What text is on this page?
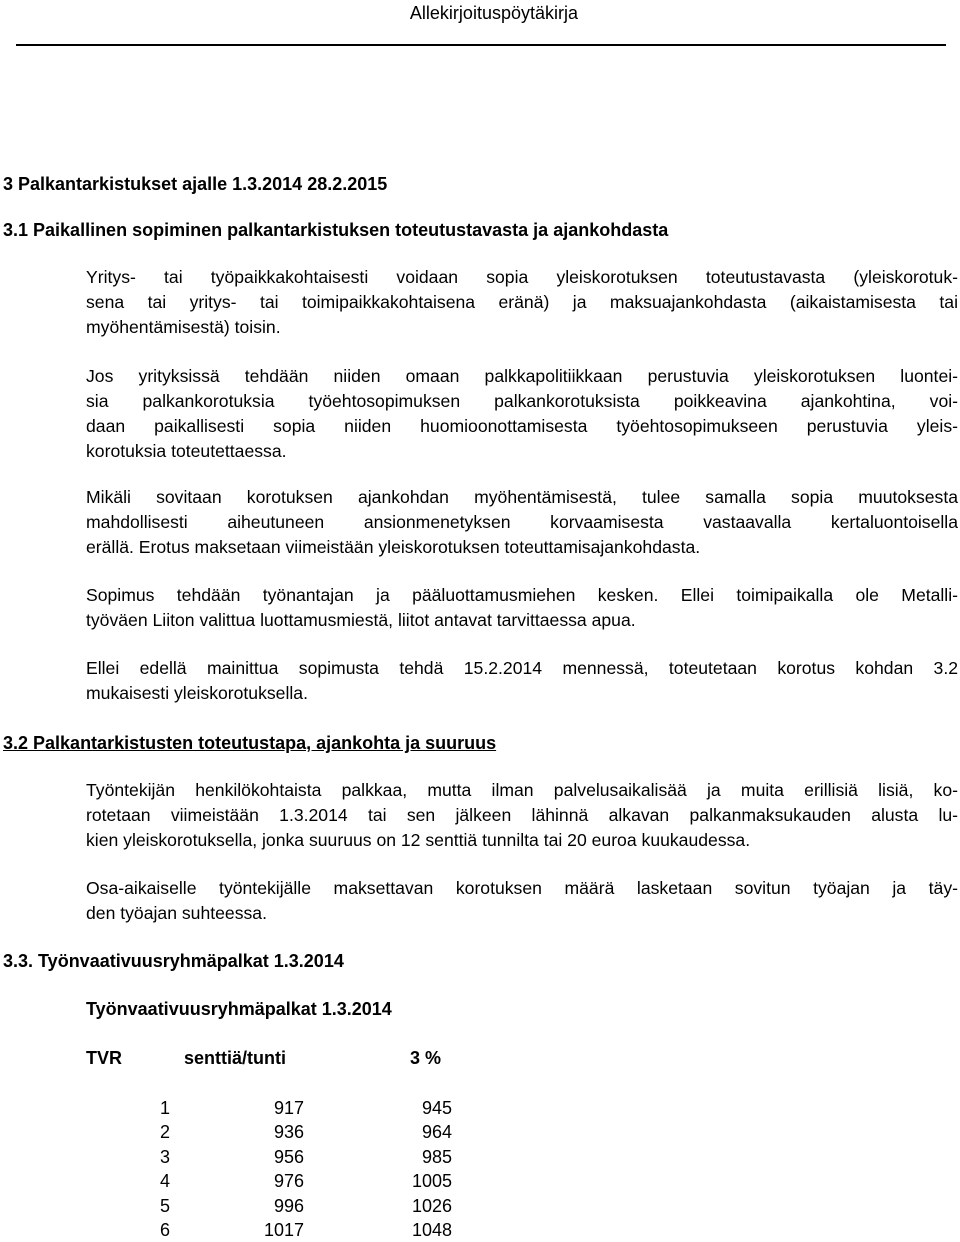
Allekirjoituspöytäkirja
3 Palkantarkistukset ajalle 1.3.2014 28.2.2015
3.1 Paikallinen sopiminen palkantarkistuksen toteutustavasta ja ajankohdasta
Yritys- tai työpaikkakohtaisesti voidaan sopia yleiskorotuksen toteutustavasta (yleiskorotuk-
sena tai yritys- tai toimipaikkakohtaisena eränä) ja maksuajankohdasta (aikaistamisesta tai
myöhentämisestä) toisin.
Jos yrityksissä tehdään niiden omaan palkkapolitiikkaan perustuvia yleiskorotuksen luontei-
sia palkankorotuksia työehtosopimuksen palkankorotuksista poikkeavina ajankohtina, voi-
daan paikallisesti sopia niiden huomioonottamisesta työehtosopimukseen perustuvia yleis-
korotuksia toteutettaessa.
Mikäli sovitaan korotuksen ajankohdan myöhentämisestä, tulee samalla sopia muutoksesta
mahdollisesti aiheutuneen ansionmenetyksen korvaamisesta vastaavalla kertaluontoisella
erällä. Erotus maksetaan viimeistään yleiskorotuksen toteuttamisajankohdasta.
Sopimus tehdään työnantajan ja pääluottamusmiehen kesken. Ellei toimipaikalla ole Metalli-
työväen Liiton valittua luottamusmiestä, liitot antavat tarvittaessa apua.
Ellei edellä mainittua sopimusta tehdä 15.2.2014 mennessä, toteutetaan korotus kohdan 3.2
mukaisesti yleiskorotuksella.
3.2 Palkantarkistusten toteutustapa, ajankohta ja suuruus
Työntekijän henkilökohtaista palkkaa, mutta ilman palvelusaikalisää ja muita erillisiä lisiä, ko-
rotetaan viimeistään 1.3.2014 tai sen jälkeen lähinnä alkavan palkanmaksukauden alusta lu-
kien yleiskorotuksella, jonka suuruus on 12 senttiä tunnilta tai 20 euroa kuukaudessa.
Osa-aikaiselle työntekijälle maksettavan korotuksen määrä lasketaan sovitun työajan ja täy-
den työajan suhteessa.
3.3. Työnvaativuusryhmäpalkat 1.3.2014
Työnvaativuusryhmäpalkat 1.3.2014
TVR	senttiä/tunti	3 %
1	917	945
2	936	964
3	956	985
4	976	1005
5	996	1026
6	1017	1048
